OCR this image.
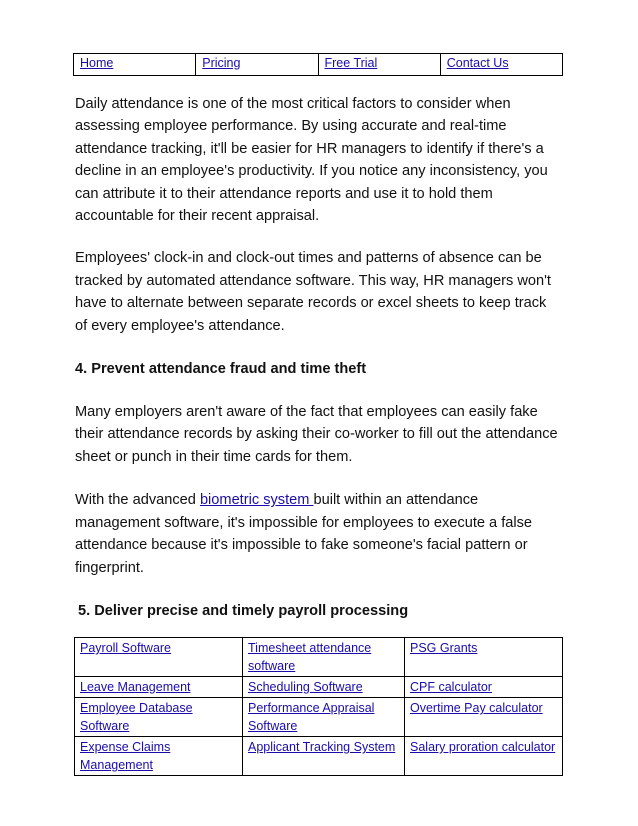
Home	Pricing	Free Trial	Contact Us

Daily attendance is one of the most critical factors to consider when assessing employee performance. By using accurate and real-time attendance tracking, it'll be easier for HR managers to identify if there's a decline in an employee's productivity. If you notice any inconsistency, you can attribute it to their attendance reports and use it to hold them accountable for their recent appraisal.

Employees' clock-in and clock-out times and patterns of absence can be tracked by automated attendance software. This way, HR managers won't have to alternate between separate records or excel sheets to keep track of every employee's attendance.

4. Prevent attendance fraud and time theft

Many employers aren't aware of the fact that employees can easily fake their attendance records by asking their co-worker to fill out the attendance sheet or punch in their time cards for them.

With the advanced biometric system built within an attendance management software, it's impossible for employees to execute a false attendance because it's impossible to fake someone's facial pattern or fingerprint.

5. Deliver precise and timely payroll processing

Payroll Software	Timesheet attendance software	PSG Grants
Leave Management	Scheduling Software	CPF calculator
Employee Database Software	Performance Appraisal Software	Overtime Pay calculator
Expense Claims Management	Applicant Tracking System	Salary proration calculator
